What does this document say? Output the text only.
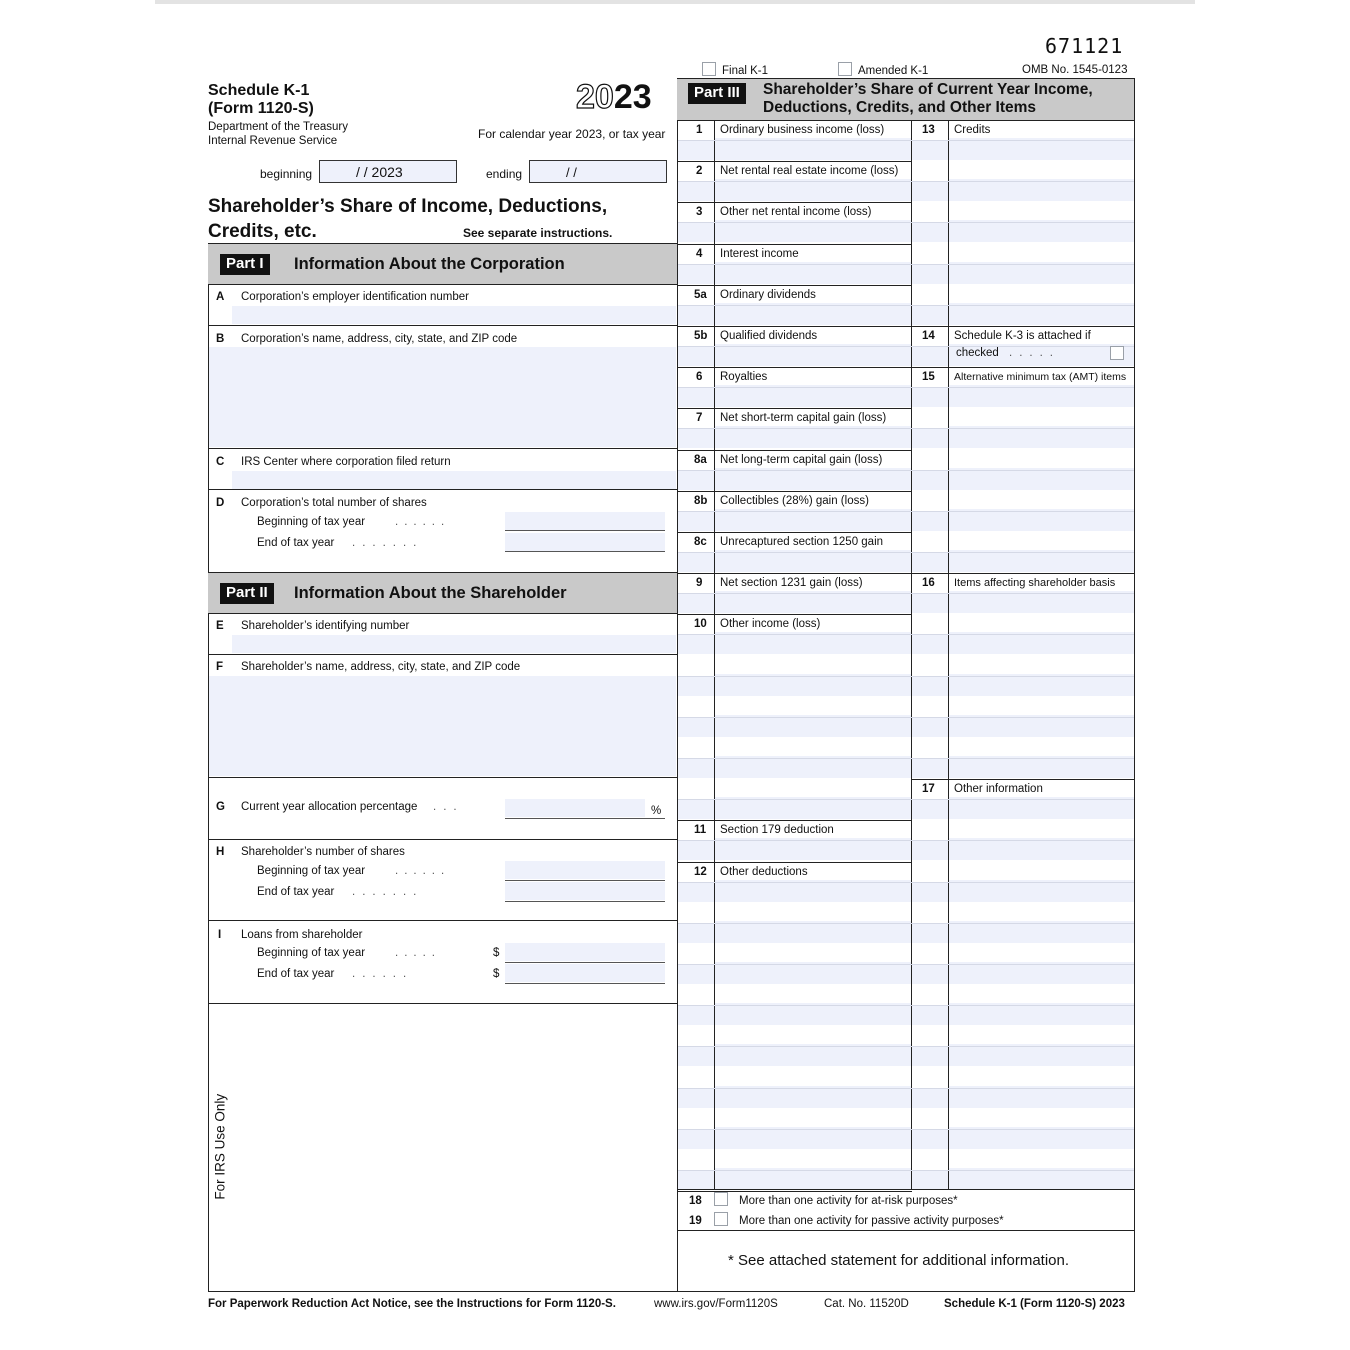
671121
Final K-1	Amended K-1	OMB No. 1545-0123
Schedule K-1
(Form 1120-S)
Department of the Treasury
Internal Revenue Service
2023
For calendar year 2023, or tax year
beginning	/ / 2023	ending	/ /
Shareholder’s Share of Income, Deductions,
Credits, etc.	See separate instructions.
Part I	Information About the Corporation
A Corporation’s employer identification number
B Corporation’s name, address, city, state, and ZIP code
C IRS Center where corporation filed return
D Corporation’s total number of shares
Beginning of tax year	......
End of tax year .......
Part II	Information About the Shareholder
E Shareholder’s identifying number
F Shareholder’s name, address, city, state, and ZIP code
G Current year allocation percentage ...	%
H Shareholder’s number of shares
Beginning of tax year	......
End of tax year .......
I Loans from shareholder
Beginning of tax year	.....	$
End of tax year ......	$
For IRS Use Only
Part III	Shareholder’s Share of Current Year Income,
Deductions, Credits, and Other Items
1 Ordinary business income (loss)
2 Net rental real estate income (loss)
3 Other net rental income (loss)
4 Interest income
5a Ordinary dividends
5b Qualified dividends
6 Royalties
7 Net short-term capital gain (loss)
8a Net long-term capital gain (loss)
8b Collectibles (28%) gain (loss)
8c Unrecaptured section 1250 gain
9 Net section 1231 gain (loss)
10 Other income (loss)
11 Section 179 deduction
12 Other deductions
13 Credits
14 Schedule K-3 is attached if
checked
15 Alternative minimum tax (AMT) items
16 Items affecting shareholder basis
17 Other information
.....
18	More than one activity for at-risk purposes*
19	More than one activity for passive activity purposes*
* See attached statement for additional information.
For Paperwork Reduction Act Notice, see the Instructions for Form 1120-S.	www.irs.gov/Form1120S	Cat. No. 11520D	Schedule K-1 (Form 1120-S) 2023
